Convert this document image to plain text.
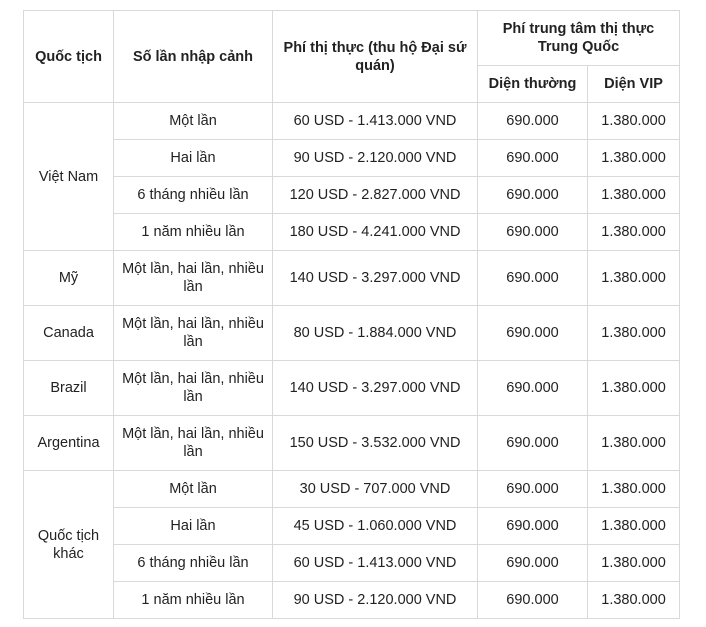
Quốc tịch	Số lần nhập cảnh	Phí thị thực (thu hộ Đại sứ quán)	Phí trung tâm thị thực Trung Quốc	
			Diện thường	Diện VIP
Việt Nam	Một lần	60 USD - 1.413.000 VND	690.000	1.380.000
	Hai lần	90 USD - 2.120.000 VND	690.000	1.380.000
	6 tháng nhiều lần	120 USD - 2.827.000 VND	690.000	1.380.000
	1 năm nhiều lần	180 USD - 4.241.000 VND	690.000	1.380.000
Mỹ	Một lần, hai lần, nhiều lần	140 USD - 3.297.000 VND	690.000	1.380.000
Canada	Một lần, hai lần, nhiều lần	80 USD - 1.884.000 VND	690.000	1.380.000
Brazil	Một lần, hai lần, nhiều lần	140 USD - 3.297.000 VND	690.000	1.380.000
Argentina	Một lần, hai lần, nhiều lần	150 USD - 3.532.000 VND	690.000	1.380.000
Quốc tịch khác	Một lần	30 USD - 707.000 VND	690.000	1.380.000
	Hai lần	45 USD - 1.060.000 VND	690.000	1.380.000
	6 tháng nhiều lần	60 USD - 1.413.000 VND	690.000	1.380.000
	1 năm nhiều lần	90 USD - 2.120.000 VND	690.000	1.380.000
